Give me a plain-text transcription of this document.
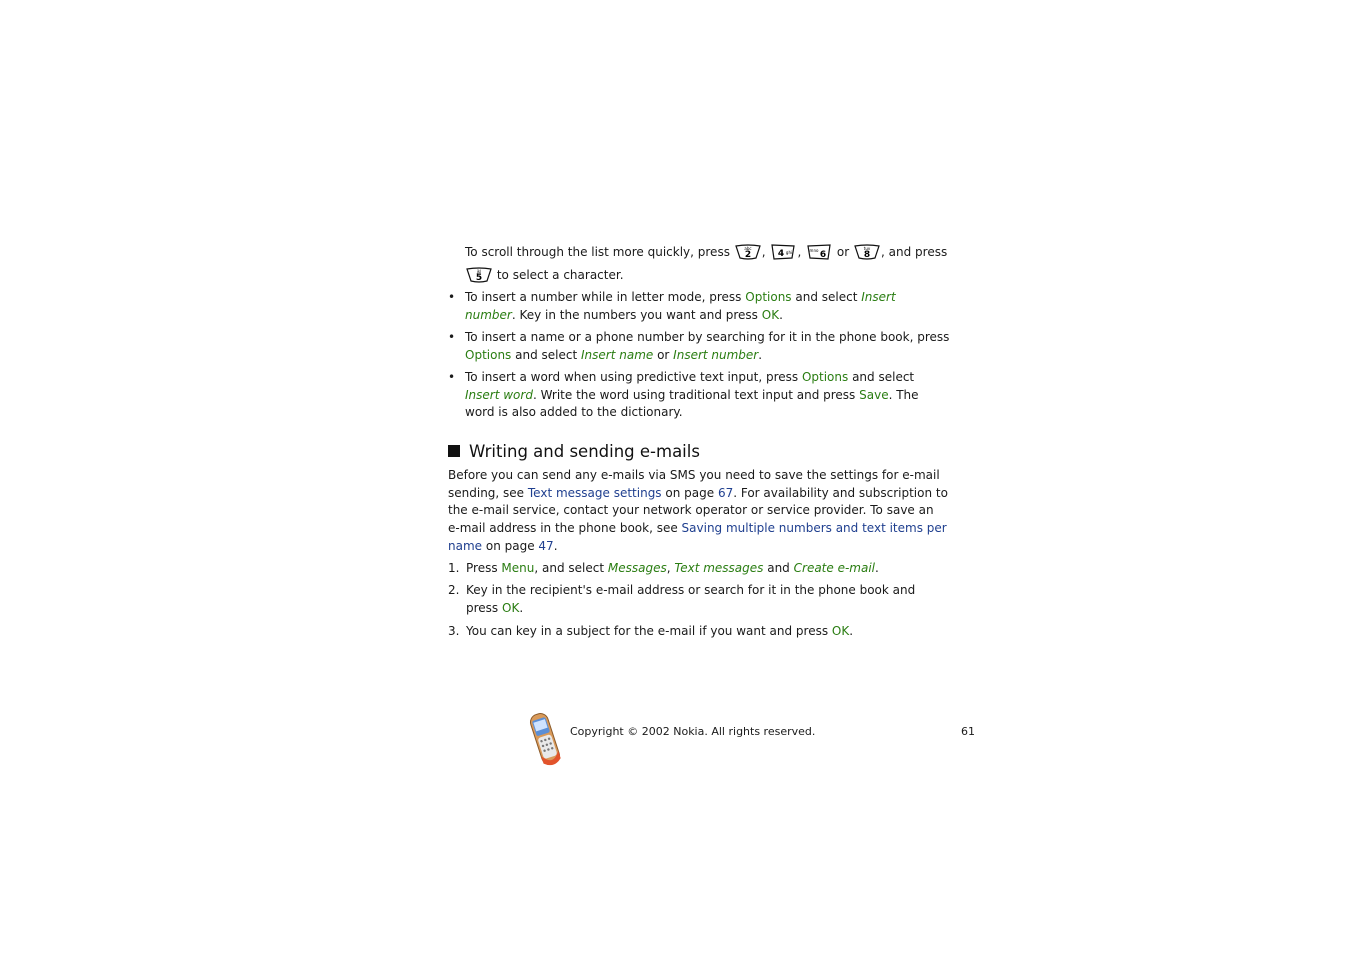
To scroll through the list more quickly, press 2
abc , 4 ghi , 6
mno or 8
tuv , and press
5
jkl to select a character.
• To insert a number while in letter mode, press Options and select Insert
number. Key in the numbers you want and press OK.
• To insert a name or a phone number by searching for it in the phone book, press
Options and select Insert name or Insert number.
• To insert a word when using predictive text input, press Options and select
Insert word. Write the word using traditional text input and press Save. The
word is also added to the dictionary.
Writing and sending e-mails
Before you can send any e-mails via SMS you need to save the settings for e-mail
sending, see Text message settings on page 67. For availability and subscription to
the e-mail service, contact your network operator or service provider. To save an
e-mail address in the phone book, see Saving multiple numbers and text items per
name on page 47.
1. Press Menu, and select Messages, Text messages and Create e-mail.
2. Key in the recipient's e-mail address or search for it in the phone book and
press OK.
3. You can key in a subject for the e-mail if you want and press OK.
Copyright © 2002 Nokia. All rights reserved.	61
